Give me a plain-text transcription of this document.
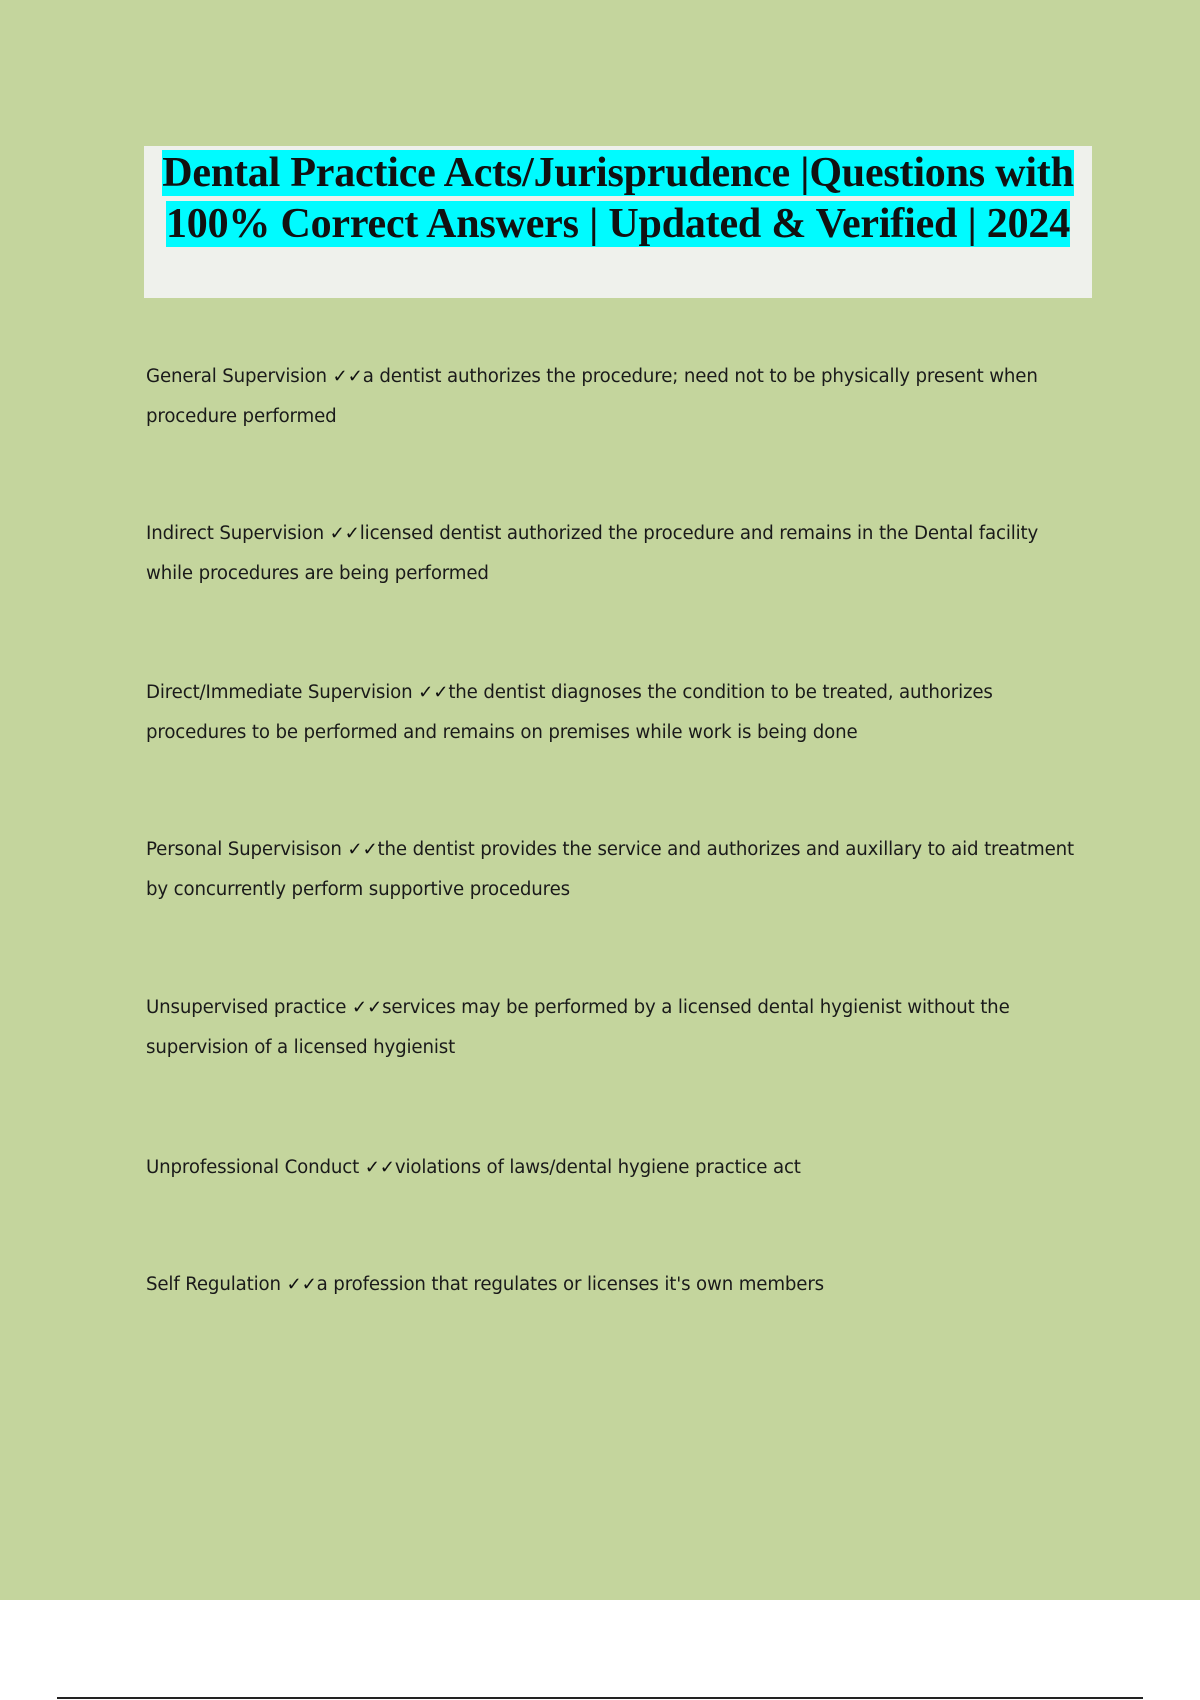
Dental Practice Acts/Jurisprudence |Questions with 100% Correct Answers | Updated & Verified | 2024

General Supervision ✓✓a dentist authorizes the procedure; need not to be physically present when procedure performed

Indirect Supervision ✓✓licensed dentist authorized the procedure and remains in the Dental facility while procedures are being performed

Direct/Immediate Supervision ✓✓the dentist diagnoses the condition to be treated, authorizes procedures to be performed and remains on premises while work is being done

Personal Supervisison ✓✓the dentist provides the service and authorizes and auxillary to aid treatment by concurrently perform supportive procedures

Unsupervised practice ✓✓services may be performed by a licensed dental hygienist without the supervision of a licensed hygienist

Unprofessional Conduct ✓✓violations of laws/dental hygiene practice act

Self Regulation ✓✓a profession that regulates or licenses it's own members
